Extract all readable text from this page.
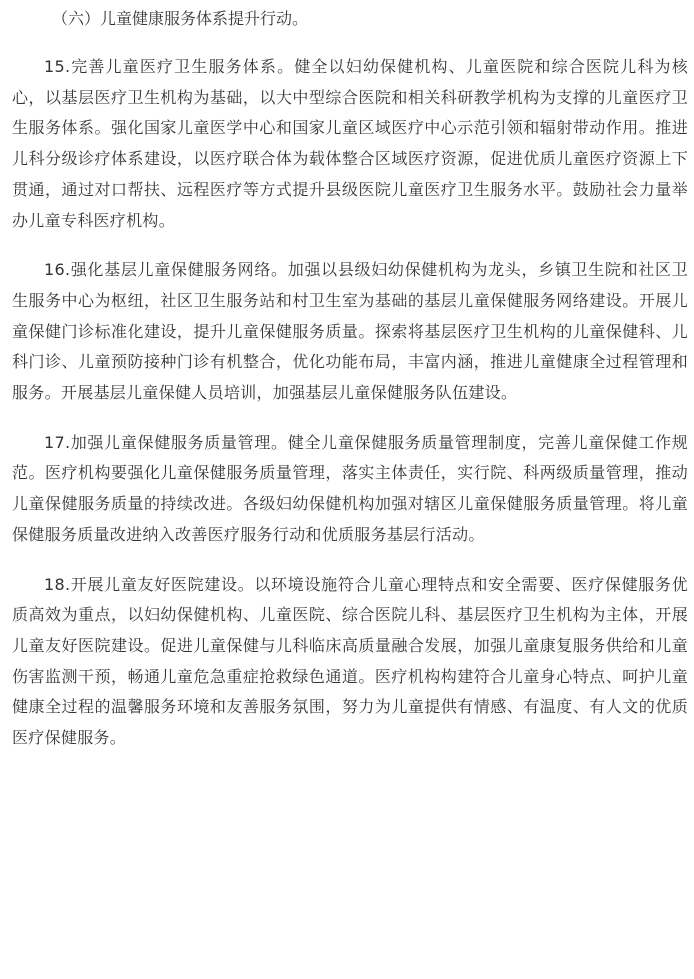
（六）儿童健康服务体系提升行动。

15.完善儿童医疗卫生服务体系。健全以妇幼保健机构、儿童医院和综合医院儿科为核心，以基层医疗卫生机构为基础，以大中型综合医院和相关科研教学机构为支撑的儿童医疗卫生服务体系。强化国家儿童医学中心和国家儿童区域医疗中心示范引领和辐射带动作用。推进儿科分级诊疗体系建设，以医疗联合体为载体整合区域医疗资源，促进优质儿童医疗资源上下贯通，通过对口帮扶、远程医疗等方式提升县级医院儿童医疗卫生服务水平。鼓励社会力量举办儿童专科医疗机构。

16.强化基层儿童保健服务网络。加强以县级妇幼保健机构为龙头，乡镇卫生院和社区卫生服务中心为枢纽，社区卫生服务站和村卫生室为基础的基层儿童保健服务网络建设。开展儿童保健门诊标准化建设，提升儿童保健服务质量。探索将基层医疗卫生机构的儿童保健科、儿科门诊、儿童预防接种门诊有机整合，优化功能布局，丰富内涵，推进儿童健康全过程管理和服务。开展基层儿童保健人员培训，加强基层儿童保健服务队伍建设。

17.加强儿童保健服务质量管理。健全儿童保健服务质量管理制度，完善儿童保健工作规范。医疗机构要强化儿童保健服务质量管理，落实主体责任，实行院、科两级质量管理，推动儿童保健服务质量的持续改进。各级妇幼保健机构加强对辖区儿童保健服务质量管理。将儿童保健服务质量改进纳入改善医疗服务行动和优质服务基层行活动。

18.开展儿童友好医院建设。以环境设施符合儿童心理特点和安全需要、医疗保健服务优质高效为重点，以妇幼保健机构、儿童医院、综合医院儿科、基层医疗卫生机构为主体，开展儿童友好医院建设。促进儿童保健与儿科临床高质量融合发展，加强儿童康复服务供给和儿童伤害监测干预，畅通儿童危急重症抢救绿色通道。医疗机构构建符合儿童身心特点、呵护儿童健康全过程的温馨服务环境和友善服务氛围，努力为儿童提供有情感、有温度、有人文的优质医疗保健服务。
